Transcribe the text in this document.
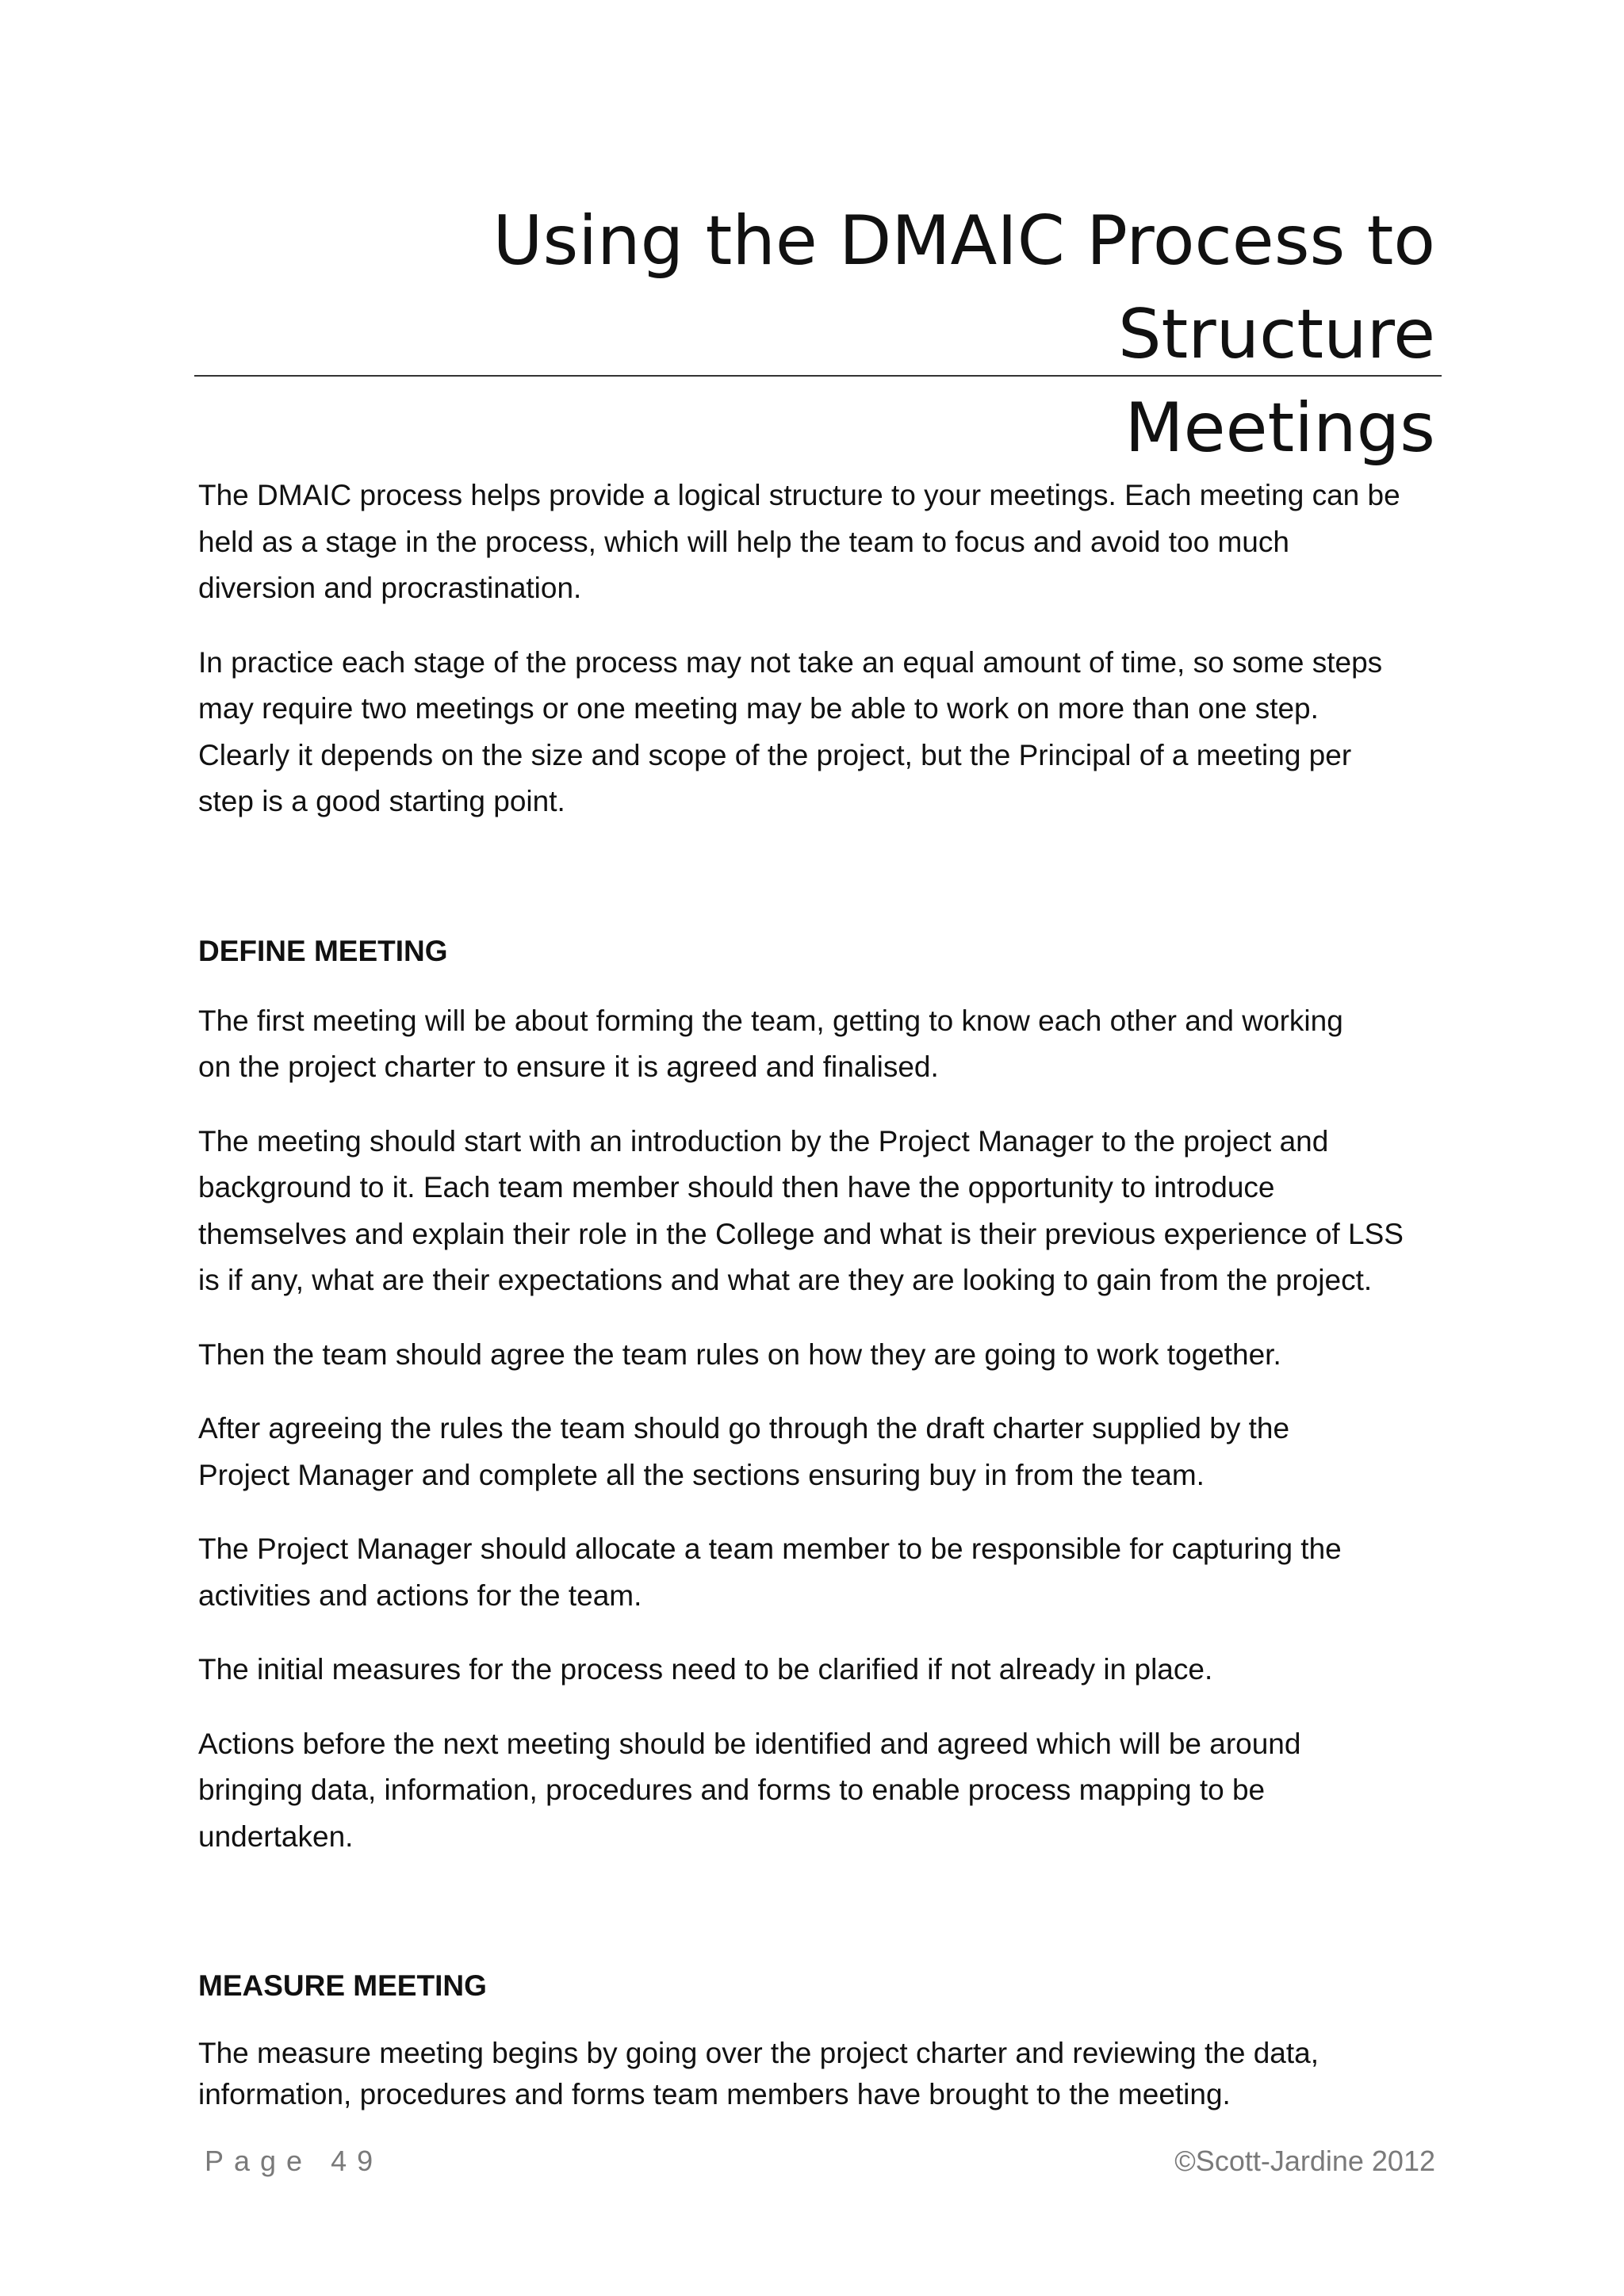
Using the DMAIC Process to Structure
Meetings

The DMAIC process helps provide a logical structure to your meetings. Each meeting can be
held as a stage in the process, which will help the team to focus and avoid too much
diversion and procrastination.

In practice each stage of the process may not take an equal amount of time, so some steps
may require two meetings or one meeting may be able to work on more than one step.
Clearly it depends on the size and scope of the project, but the Principal of a meeting per
step is a good starting point.

DEFINE MEETING

The first meeting will be about forming the team, getting to know each other and working
on the project charter to ensure it is agreed and finalised.

The meeting should start with an introduction by the Project Manager to the project and
background to it. Each team member should then have the opportunity to introduce
themselves and explain their role in the College and what is their previous experience of LSS
is if any, what are their expectations and what are they are looking to gain from the project.

Then the team should agree the team rules on how they are going to work together.

After agreeing the rules the team should go through the draft charter supplied by the
Project Manager and complete all the sections ensuring buy in from the team.

The Project Manager should allocate a team member to be responsible for capturing the
activities and actions for the team.

The initial measures for the process need to be clarified if not already in place.

Actions before the next meeting should be identified and agreed which will be around
bringing data, information, procedures and forms to enable process mapping to be
undertaken.

MEASURE MEETING

The measure meeting begins by going over the project charter and reviewing the data,
information, procedures and forms team members have brought to the meeting.

Page 49	©Scott-Jardine 2012
